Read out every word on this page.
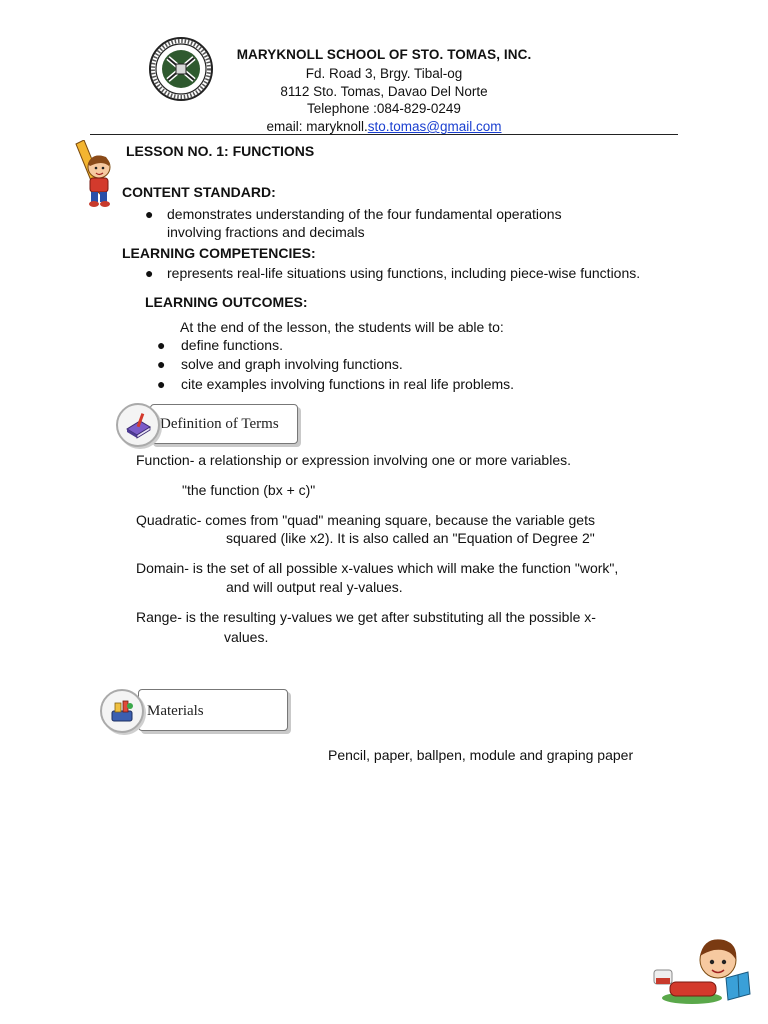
MARYKNOLL SCHOOL OF STO. TOMAS, INC.
Fd. Road 3, Brgy. Tibal-og
8112 Sto. Tomas, Davao Del Norte
Telephone :084-829-0249
email: maryknoll.sto.tomas@gmail.com
LESSON NO. 1: FUNCTIONS
CONTENT STANDARD:
● demonstrates understanding of the four fundamental operations involving fractions and decimals
LEARNING COMPETENCIES:
● represents real-life situations using functions, including piece-wise functions.
LEARNING OUTCOMES:
At the end of the lesson, the students will be able to:
● define functions.
● solve and graph involving functions.
● cite examples involving functions in real life problems.
Definition of Terms
Function- a relationship or expression involving one or more variables.
"the function (bx + c)"
Quadratic- comes from "quad" meaning square, because the variable gets
squared (like x2). It is also called an "Equation of Degree 2"
Domain- is the set of all possible x-values which will make the function "work",
and will output real y-values.
Range- is the resulting y-values we get after substituting all the possible x-
values.
Materials
Pencil, paper, ballpen, module and graping paper
